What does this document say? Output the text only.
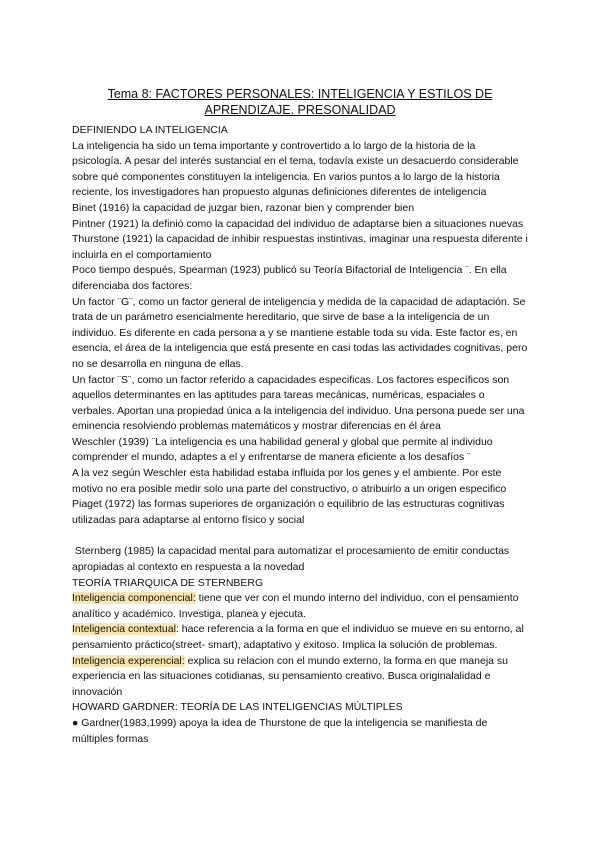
Tema 8: FACTORES PERSONALES: INTELIGENCIA Y ESTILOS DE APRENDIZAJE. PRESONALIDAD

DEFINIENDO LA INTELIGENCIA

La inteligencia ha sido un tema importante y controvertido a lo largo de la historia de la psicología. A pesar del interés sustancial en el tema, todavía existe un desacuerdo considerable sobre qué componentes constituyen la inteligencia. En varios puntos a lo largo de la historia reciente, los investigadores han propuesto algunas definiciones diferentes de inteligencia

Binet (1916) la capacidad de juzgar bien, razonar bien y comprender bien

Pintner (1921) la definió como la capacidad del individuo de adaptarse bien a situaciones nuevas

Thurstone (1921) la capacidad de inhibir respuestas instintivas, imaginar una respuesta diferente i incluirla en el comportamiento

Poco tiempo después, Spearman (1923) publicó su Teoría Bifactorial de Inteligencia ¨. En ella diferenciaba dos factores:

Un factor ¨G¨, como un factor general de inteligencia y medida de la capacidad de adaptación. Se trata de un parámetro esencialmente hereditario, que sirve de base a la inteligencia de un individuo. Es diferente en cada persona a y se mantiene estable toda su vida. Este factor es, en esencia, el área de la inteligencia que está presente en casi todas las actividades cognitivas, pero no se desarrolla en ninguna de ellas.

Un factor ¨S¨, como un factor referido a capacidades especificas. Los factores específicos son aquellos determinantes en las aptitudes para tareas mecánicas, numéricas, espaciales o verbales. Aportan una propiedad única a la inteligencia del individuo. Una persona puede ser una eminencia resolviendo problemas matemáticos y mostrar diferencias en él área

Weschler (1939) ¨La inteligencia es una habilidad general y global que permite al individuo comprender el mundo, adaptes a el y enfrentarse de manera eficiente a los desafíos ¨

A la vez según Weschler esta habilidad estaba influida por los genes y el ambiente. Por este motivo no era posible medir solo una parte del constructivo, o atribuirlo a un origen especifico

Piaget (1972) las formas superiores de organización o equilibrio de las estructuras cognitivas utilizadas para adaptarse al entorno físico y social

Sternberg (1985) la capacidad mental para automatizar el procesamiento de emitir conductas apropiadas al contexto en respuesta a la novedad

TEORÍA TRIARQUICA DE STERNBERG

Inteligencia componencial: tiene que ver con el mundo interno del individuo, con el pensamiento analítico y académico. Investiga, planea y ejecuta.

Inteligencia contextual: hace referencia a la forma en que el individuo se mueve en su entorno, al pensamiento práctico(street- smart), adaptativo y exitoso. Implica la solución de problemas.

Inteligencia experencial: explica su relacion con el mundo externo, la forma en que maneja su experiencia en las situaciones cotidianas, su pensamiento creativo. Busca originalalidad e innovación

HOWARD GARDNER: TEORÍA DE LAS INTELIGENCIAS MÚLTIPLES

● Gardner(1983,1999) apoya la idea de Thurstone de que la inteligencia se manifiesta de múltiples formas
